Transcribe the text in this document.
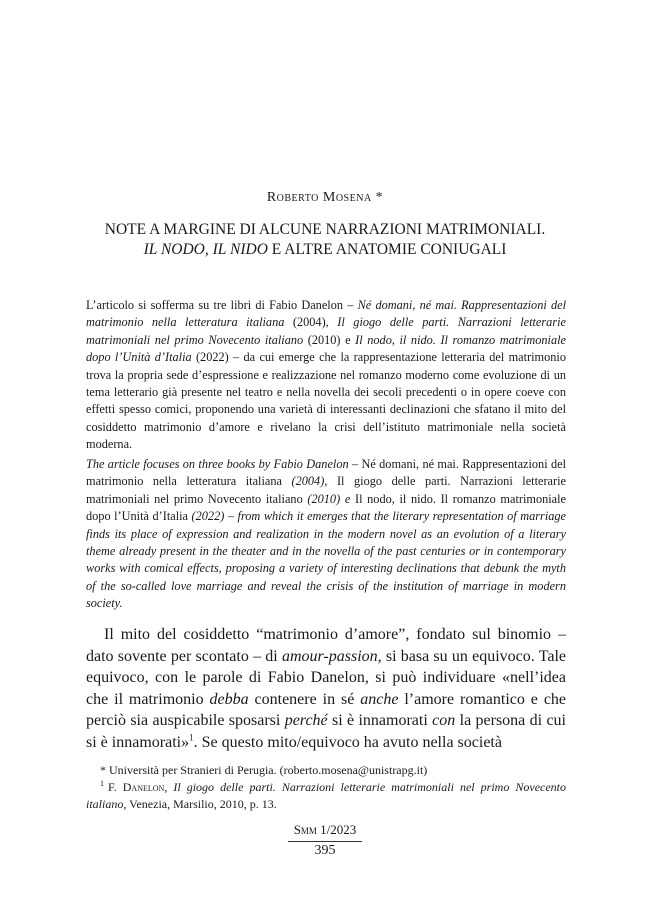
Roberto Mosena *
NOTE A MARGINE DI ALCUNE NARRAZIONI MATRIMONIALI.
IL NODO, IL NIDO E ALTRE ANATOMIE CONIUGALI
L’articolo si sofferma su tre libri di Fabio Danelon – Né domani, né mai. Rappresentazioni del matrimonio nella letteratura italiana (2004), Il giogo delle parti. Narrazioni letterarie matrimoniali nel primo Novecento italiano (2010) e Il nodo, il nido. Il romanzo matrimoniale dopo l’Unità d’Italia (2022) – da cui emerge che la rappresentazione letteraria del matrimonio trova la propria sede d’espressione e realizzazione nel romanzo moderno come evoluzione di un tema letterario già presente nel teatro e nella novella dei secoli precedenti o in opere coeve con effetti spesso comici, proponendo una varietà di interessanti declinazioni che sfatano il mito del cosiddetto matrimonio d’amore e rivelano la crisi dell’istituto matrimoniale nella società moderna.
The article focuses on three books by Fabio Danelon – Né domani, né mai. Rappresentazioni del matrimonio nella letteratura italiana (2004), Il giogo delle parti. Narrazioni letterarie matrimoniali nel primo Novecento italiano (2010) e Il nodo, il nido. Il romanzo matrimoniale dopo l’Unità d’Italia (2022) – from which it emerges that the literary representation of marriage finds its place of expression and realization in the modern novel as an evolution of a literary theme already present in the theater and in the novella of the past centuries or in contemporary works with comical effects, proposing a variety of interesting declinations that debunk the myth of the so-called love marriage and reveal the crisis of the institution of marriage in modern society.
Il mito del cosiddetto “matrimonio d’amore”, fondato sul binomio – dato sovente per scontato – di amour-passion, si basa su un equivoco. Tale equivoco, con le parole di Fabio Danelon, si può individuare «nell’idea che il matrimonio debba contenere in sé anche l’amore romantico e che perciò sia auspicabile sposarsi perché si è innamorati con la persona di cui si è innamorati»$^1$. Se questo mito/equivoco ha avuto nella società

* Università per Stranieri di Perugia. (roberto.mosena@unistrapg.it)

$^1$ F. Danelon, Il giogo delle parti. Narrazioni letterarie matrimoniali nel primo Novecento italiano, Venezia, Marsilio, 2010, p. 13.

Smm 1/2023
395
